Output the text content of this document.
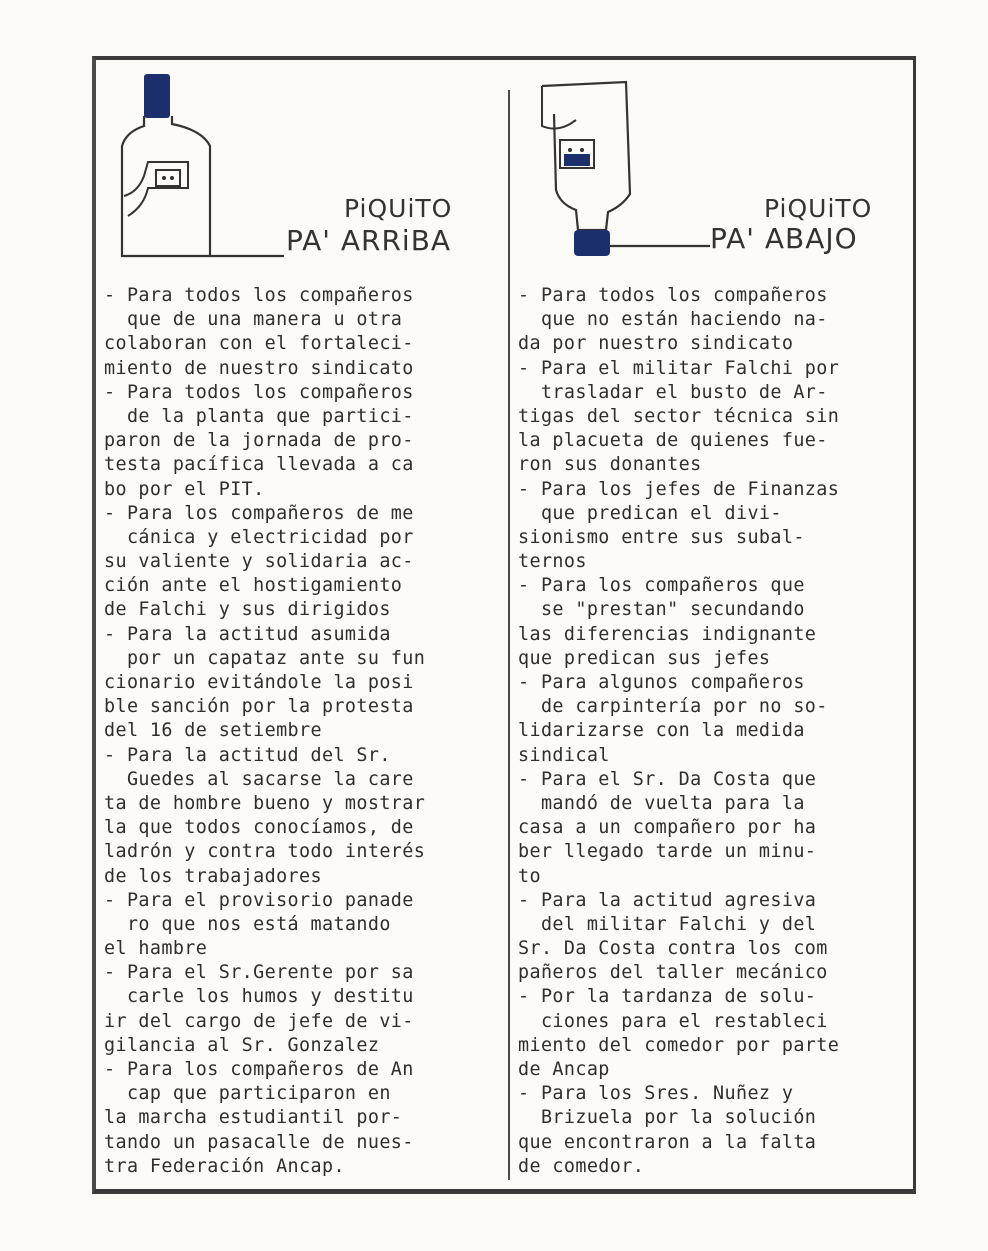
PiQUiTO
PA' ARRiBA
PiQUiTO
PA' ABAJO
- Para todos los compañeros
que de una manera u otra
colaboran con el fortaleci-
miento de nuestro sindicato
- Para todos los compañeros
de la planta que partici-
paron de la jornada de pro-
testa pacífica llevada a ca
bo por el PIT.
- Para los compañeros de me
cánica y electricidad por
su valiente y solidaria ac-
ción ante el hostigamiento
de Falchi y sus dirigidos
- Para la actitud asumida
por un capataz ante su fun
cionario evitándole la posi
ble sanción por la protesta
del 16 de setiembre
- Para la actitud del Sr.
Guedes al sacarse la care
ta de hombre bueno y mostrar
la que todos conocíamos, de
ladrón y contra todo interés
de los trabajadores
- Para el provisorio panade
ro que nos está matando
el hambre
- Para el Sr.Gerente por sa
carle los humos y destitu
ir del cargo de jefe de vi-
gilancia al Sr. Gonzalez
- Para los compañeros de An
cap que participaron en
la marcha estudiantil por-
tando un pasacalle de nues-
tra Federación Ancap.
- Para todos los compañeros
que no están haciendo na-
da por nuestro sindicato
- Para el militar Falchi por
trasladar el busto de Ar-
tigas del sector técnica sin
la placueta de quienes fue-
ron sus donantes
- Para los jefes de Finanzas
que predican el divi-
sionismo entre sus subal-
ternos
- Para los compañeros que
se "prestan" secundando
las diferencias indignante
que predican sus jefes
- Para algunos compañeros
de carpintería por no so-
lidarizarse con la medida
sindical
- Para el Sr. Da Costa que
mandó de vuelta para la
casa a un compañero por ha
ber llegado tarde un minu-
to
- Para la actitud agresiva
del militar Falchi y del
Sr. Da Costa contra los com
pañeros del taller mecánico
- Por la tardanza de solu-
ciones para el restableci
miento del comedor por parte
de Ancap
- Para los Sres. Nuñez y
Brizuela por la solución
que encontraron a la falta
de comedor.
